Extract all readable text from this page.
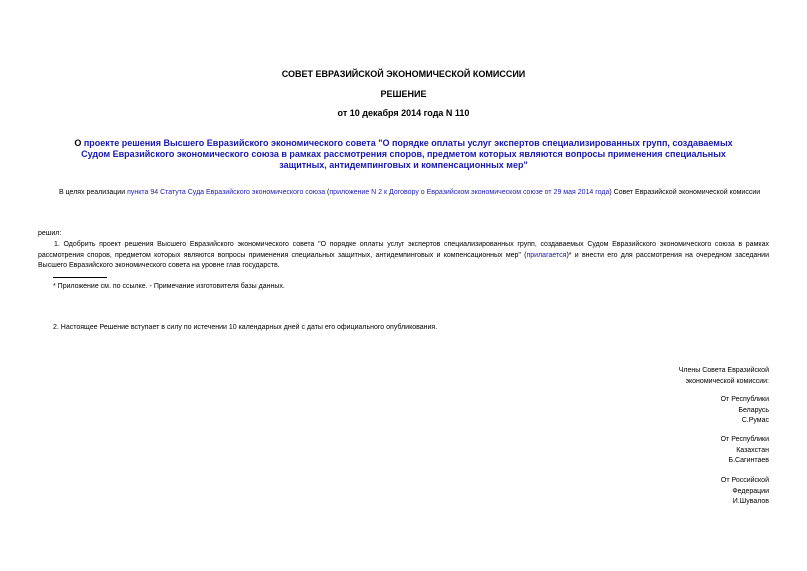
СОВЕТ ЕВРАЗИЙСКОЙ ЭКОНОМИЧЕСКОЙ КОМИССИИ
РЕШЕНИЕ
от 10 декабря 2014 года N 110
О проекте решения Высшего Евразийского экономического совета "О порядке оплаты услуг экспертов специализированных групп, создаваемых Судом Евразийского экономического союза в рамках рассмотрения споров, предметом которых являются вопросы применения специальных защитных, антидемпинговых и компенсационных мер"
В целях реализации пункта 94 Статута Суда Евразийского экономического союза (приложение N 2 к Договору о Евразийском экономическом союзе от 29 мая 2014 года) Совет Евразийской экономической комиссии
решил:
1. Одобрить проект решения Высшего Евразийского экономического совета "О порядке оплаты услуг экспертов специализированных групп, создаваемых Судом Евразийского экономического союза в рамках рассмотрения споров, предметом которых являются вопросы применения специальных защитных, антидемпинговых и компенсационных мер" (прилагается)* и внести его для рассмотрения на очередном заседании Высшего Евразийского экономического совета на уровне глав государств.
* Приложение см. по ссылке. - Примечание изготовителя базы данных.
2. Настоящее Решение вступает в силу по истечении 10 календарных дней с даты его официального опубликования.
Члены Совета Евразийской
экономической комиссии:
От Республики
Беларусь
С.Румас
От Республики
Казахстан
Б.Сагинтаев
От Российской
Федерации
И.Шувалов
